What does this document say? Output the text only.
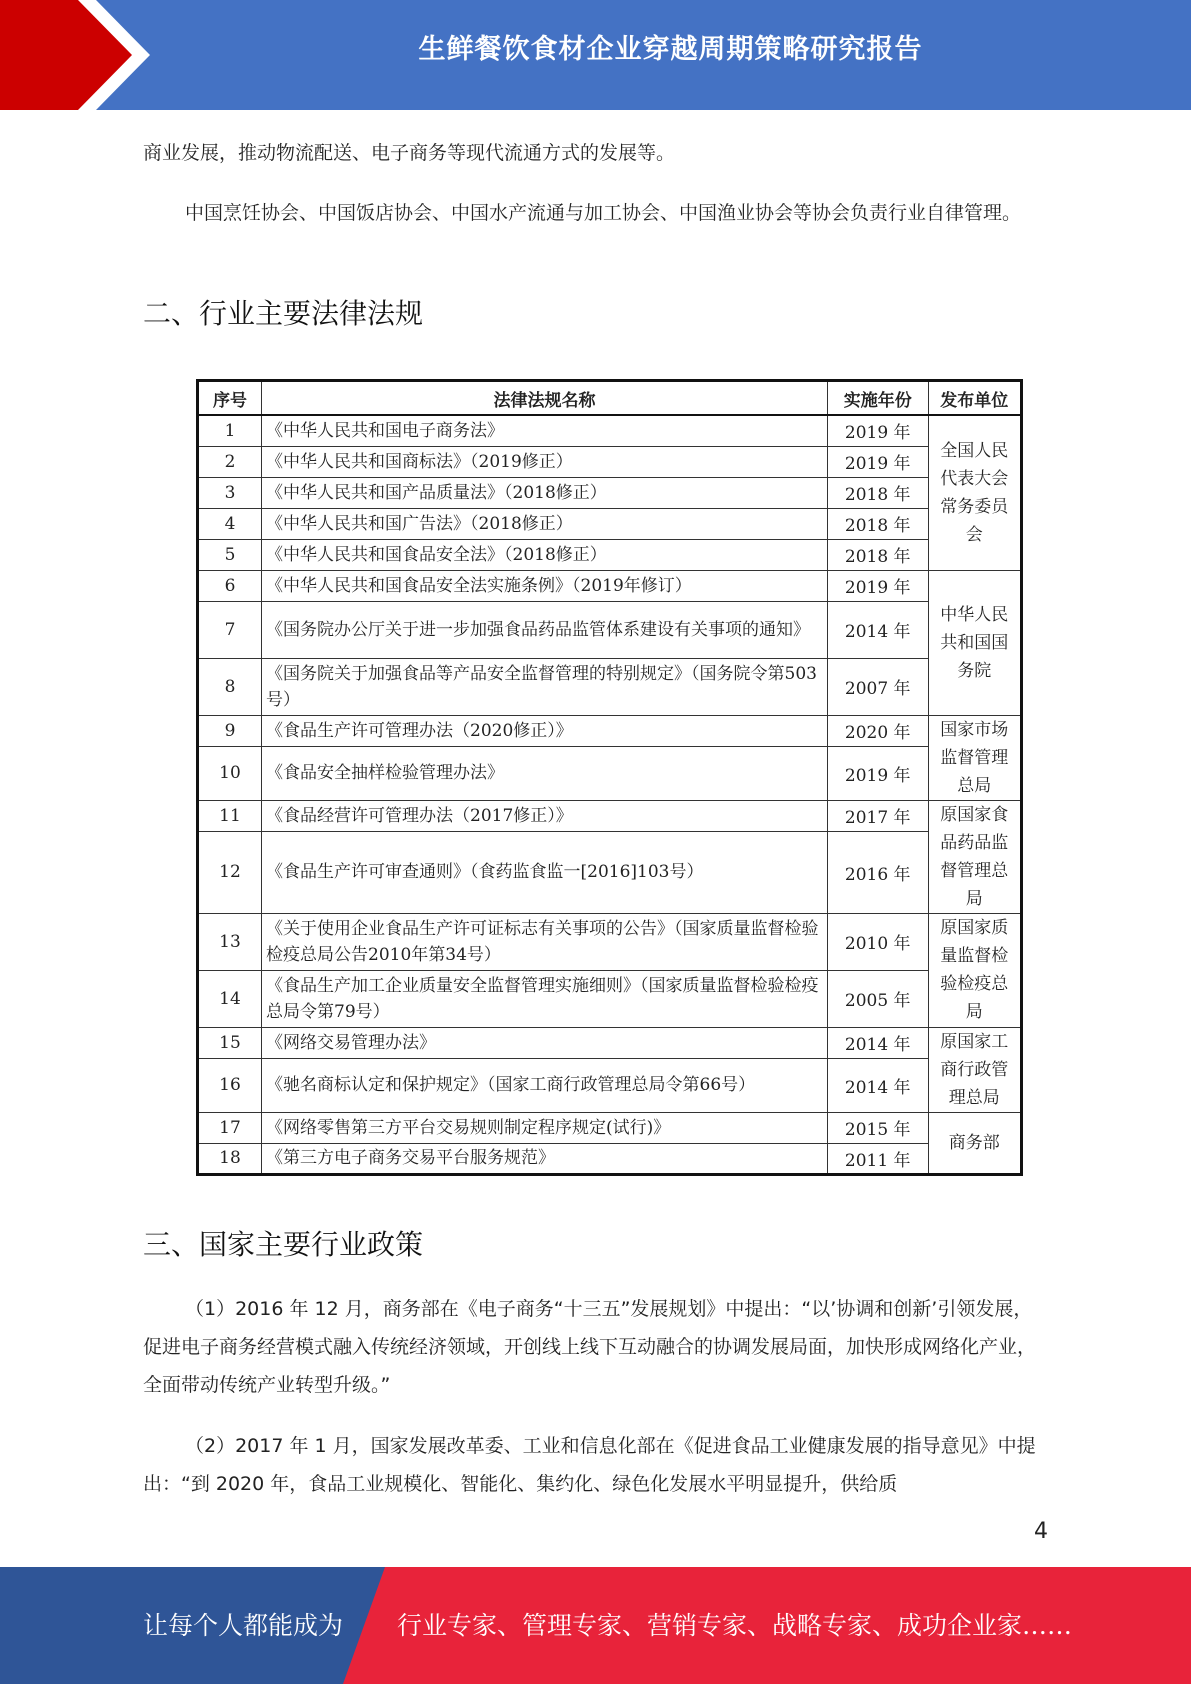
生鲜餐饮食材企业穿越周期策略研究报告

商业发展，推动物流配送、电子商务等现代流通方式的发展等。

中国烹饪协会、中国饭店协会、中国水产流通与加工协会、中国渔业协会等协会负责行业自律管理。

二、行业主要法律法规
序号	法律法规名称	实施年份	发布单位
1	《中华人民共和国电子商务法》	2019 年	全国人民代表大会常务委员会
2	《中华人民共和国商标法》（2019修正）	2019 年	
3	《中华人民共和国产品质量法》（2018修正）	2018 年	
4	《中华人民共和国广告法》（2018修正）	2018 年	
5	《中华人民共和国食品安全法》（2018修正）	2018 年	
6	《中华人民共和国食品安全法实施条例》（2019年修订）	2019 年	中华人民共和国国务院
7	《国务院办公厅关于进一步加强食品药品监管体系建设有关事项的通知》	2014 年	
8	《国务院关于加强食品等产品安全监督管理的特别规定》（国务院令第503号）	2007 年	
9	《食品生产许可管理办法（2020修正）》	2020 年	国家市场监督管理总局
10	《食品安全抽样检验管理办法》	2019 年	
11	《食品经营许可管理办法（2017修正）》	2017 年	原国家食品药品监督管理总局
12	《食品生产许可审查通则》（食药监食监一[2016]103号）	2016 年	
13	《关于使用企业食品生产许可证标志有关事项的公告》（国家质量监督检验检疫总局公告2010年第34号）	2010 年	原国家质量监督检验检疫总局
14	《食品生产加工企业质量安全监督管理实施细则》（国家质量监督检验检疫总局令第79号）	2005 年	
15	《网络交易管理办法》	2014 年	原国家工商行政管理总局
16	《驰名商标认定和保护规定》（国家工商行政管理总局令第66号）	2014 年	
17	《网络零售第三方平台交易规则制定程序规定(试行)》	2015 年	商务部
18	《第三方电子商务交易平台服务规范》	2011 年	
三、国家主要行业政策

（1）2016 年 12 月，商务部在《电子商务“十三五”发展规划》中提出：“以’协调和创新’引领发展，促进电子商务经营模式融入传统经济领域，开创线上线下互动融合的协调发展局面，加快形成网络化产业，全面带动传统产业转型升级。”

（2）2017 年 1 月，国家发展改革委、工业和信息化部在《促进食品工业健康发展的指导意见》中提出：“到 2020 年，食品工业规模化、智能化、集约化、绿色化发展水平明显提升，供给质

4
让每个人都能成为 行业专家、管理专家、营销专家、战略专家、成功企业家……
